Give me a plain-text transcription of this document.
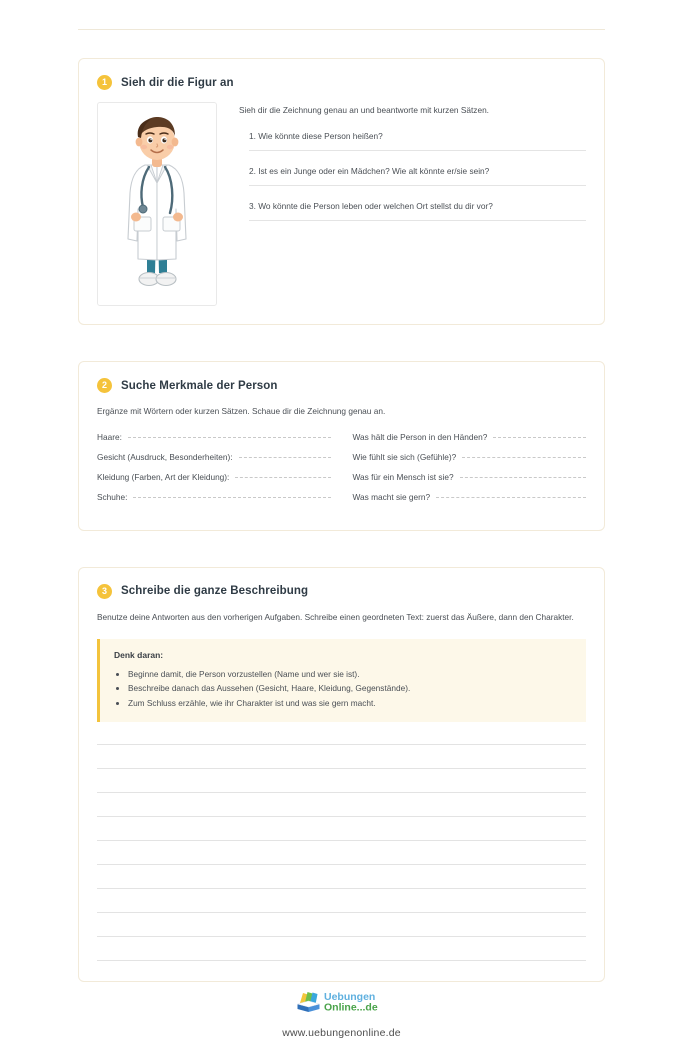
1	Sieh dir die Figur an
Sieh dir die Zeichnung genau an und beantworte mit kurzen Sätzen.
1. Wie könnte diese Person heißen?
2. Ist es ein Junge oder ein Mädchen? Wie alt könnte er/sie sein?
3. Wo könnte die Person leben oder welchen Ort stellst du dir vor?
2	Suche Merkmale der Person
Ergänze mit Wörtern oder kurzen Sätzen. Schaue dir die Zeichnung genau an.
Haare:	Was hält die Person in den Händen?
Gesicht (Ausdruck, Besonderheiten):	Wie fühlt sie sich (Gefühle)?
Kleidung (Farben, Art der Kleidung):	Was für ein Mensch ist sie?
Schuhe:	Was macht sie gern?
3	Schreibe die ganze Beschreibung
Benutze deine Antworten aus den vorherigen Aufgaben. Schreibe einen geordneten Text: zuerst das Äußere, dann den Charakter.
Denk daran:
• Beginne damit, die Person vorzustellen (Name und wer sie ist).
• Beschreibe danach das Aussehen (Gesicht, Haare, Kleidung, Gegenstände).
• Zum Schluss erzähle, wie ihr Charakter ist und was sie gern macht.
Uebungen
Online...de
www.uebungenonline.de
